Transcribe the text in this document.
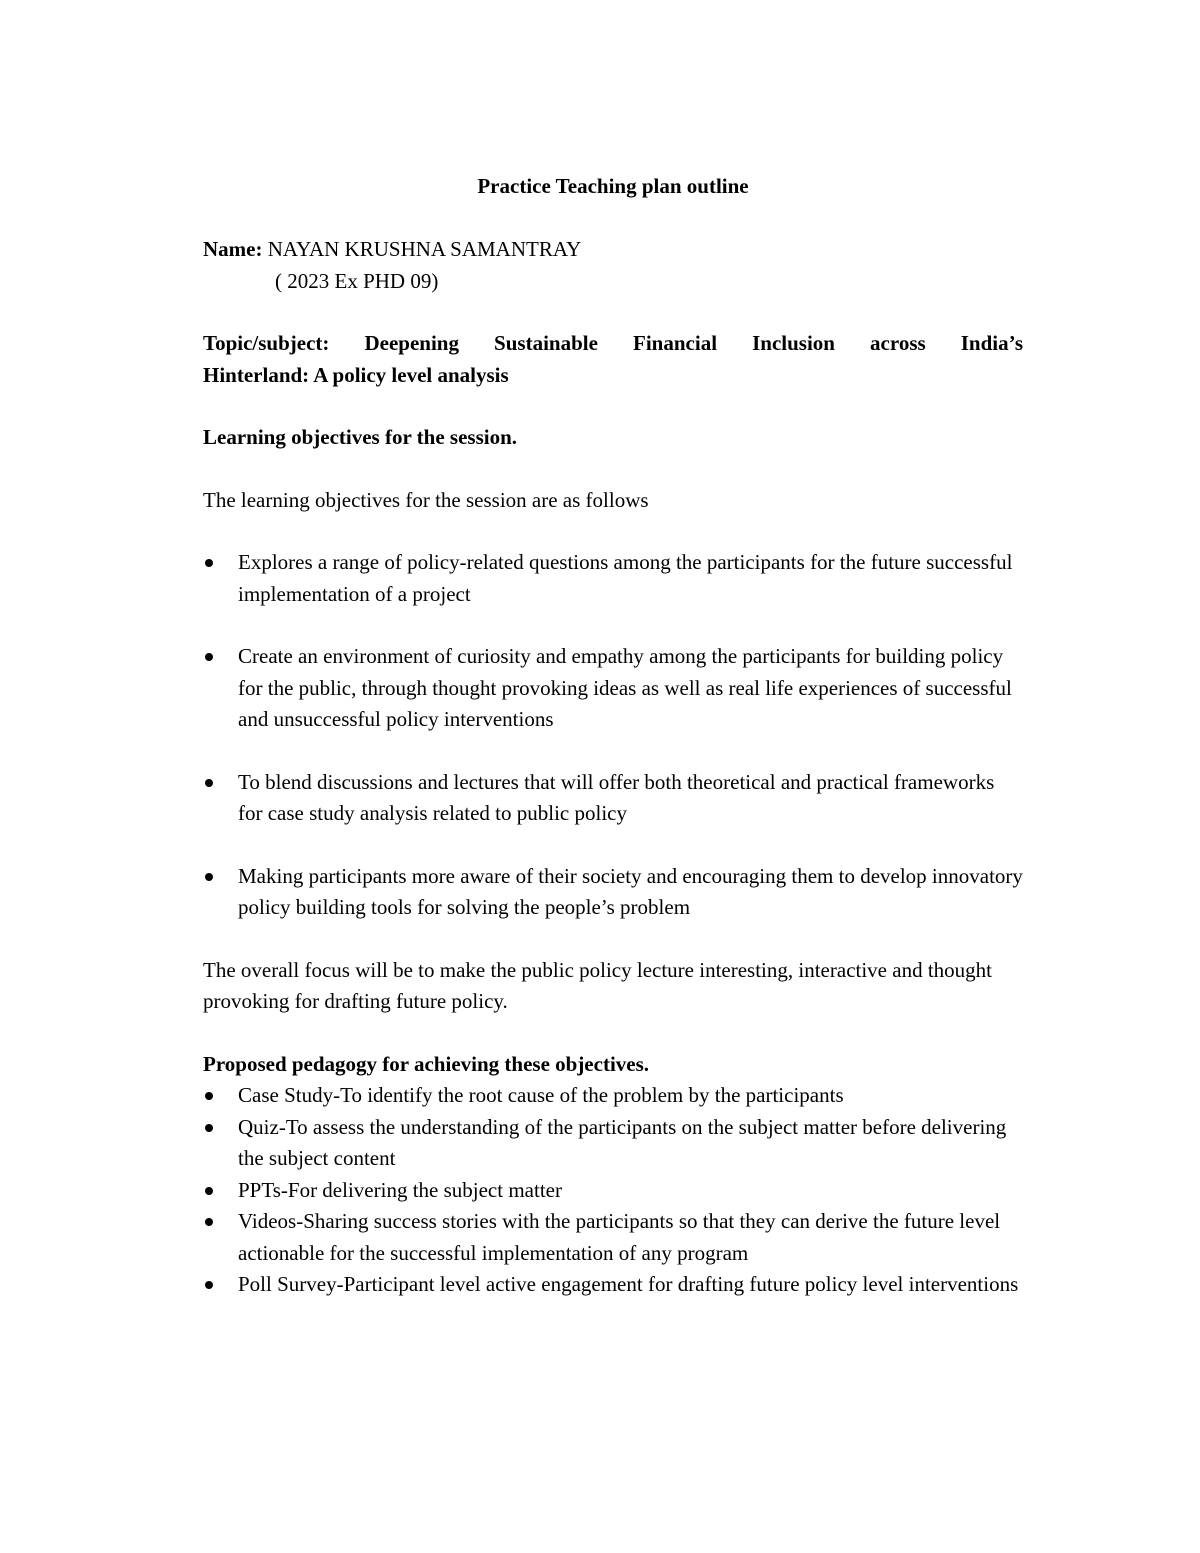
Practice Teaching plan outline

Name: NAYAN KRUSHNA SAMANTRAY

( 2023 Ex PHD 09)

Topic/subject: Deepening Sustainable Financial Inclusion across India’s
Hinterland: A policy level analysis

Learning objectives for the session.

The learning objectives for the session are as follows

Explores a range of policy-related questions among the participants for the future successful implementation of a project
Create an environment of curiosity and empathy among the participants for building policy for the public, through thought provoking ideas as well as real life experiences of successful and unsuccessful policy interventions
To blend discussions and lectures that will offer both theoretical and practical frameworks for case study analysis related to public policy
Making participants more aware of their society and encouraging them to develop innovatory policy building tools for solving the people’s problem

The overall focus will be to make the public policy lecture interesting, interactive and thought provoking for drafting future policy.

Proposed pedagogy for achieving these objectives.

Case Study-To identify the root cause of the problem by the participants
Quiz-To assess the understanding of the participants on the subject matter before delivering the subject content
PPTs-For delivering the subject matter
Videos-Sharing success stories with the participants so that they can derive the future level actionable for the successful implementation of any program
Poll Survey-Participant level active engagement for drafting future policy level interventions
